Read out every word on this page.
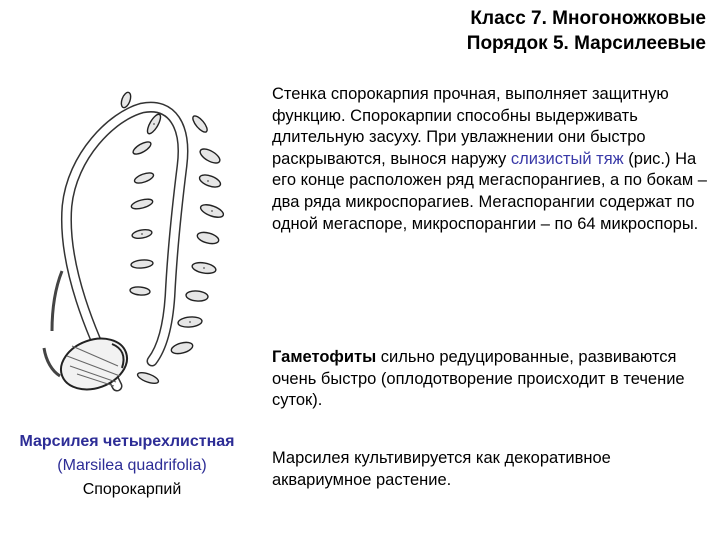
Класс 7. Многоножковые
Порядок 5. Марсилеевые

Стенка спорокарпия прочная, выполняет защитную функцию. Спорокарпии способны выдерживать длительную засуху. При увлажнении они быстро раскрываются, вынося наружу слизистый тяж (рис.) На его конце расположен ряд мегаспорангиев, а по бокам – два ряда микроспорагиев. Мегаспорангии содержат по одной мегаспоре, микроспорангии – по 64 микроспоры.

Гаметофиты сильно редуцированные, развиваются очень быстро (оплодотворение происходит в течение суток).

Марсилея культивируется как декоративное аквариумное растение.

Марсилея четырехлистная
(Marsilea quadrifolia)
Спорокарпий
